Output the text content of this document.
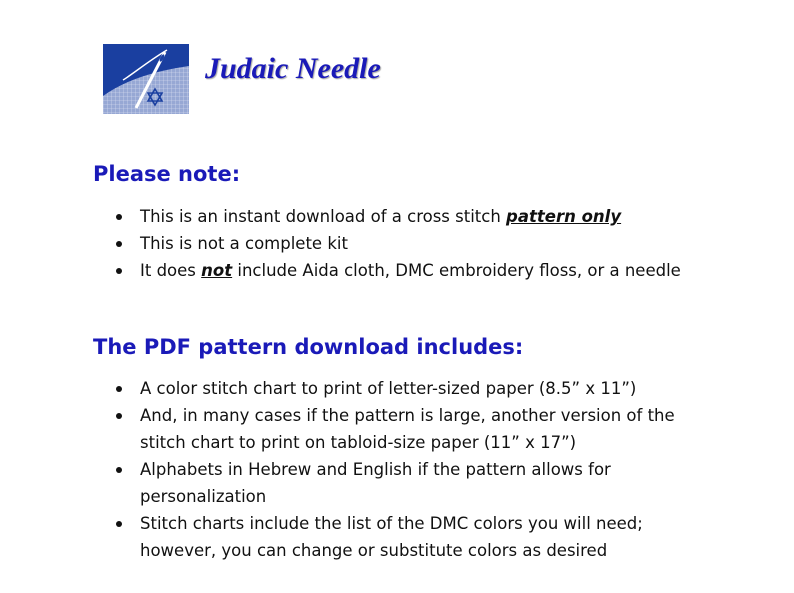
Judaic Needle
Please note:
This is an instant download of a cross stitch pattern only
This is not a complete kit
It does not include Aida cloth, DMC embroidery floss, or a needle
The PDF pattern download includes:
A color stitch chart to print of letter-sized paper (8.5” x 11”)
And, in many cases if the pattern is large, another version of the
stitch chart to print on tabloid-size paper (11” x 17”)
Alphabets in Hebrew and English if the pattern allows for
personalization
Stitch charts include the list of the DMC colors you will need;
however, you can change or substitute colors as desired
